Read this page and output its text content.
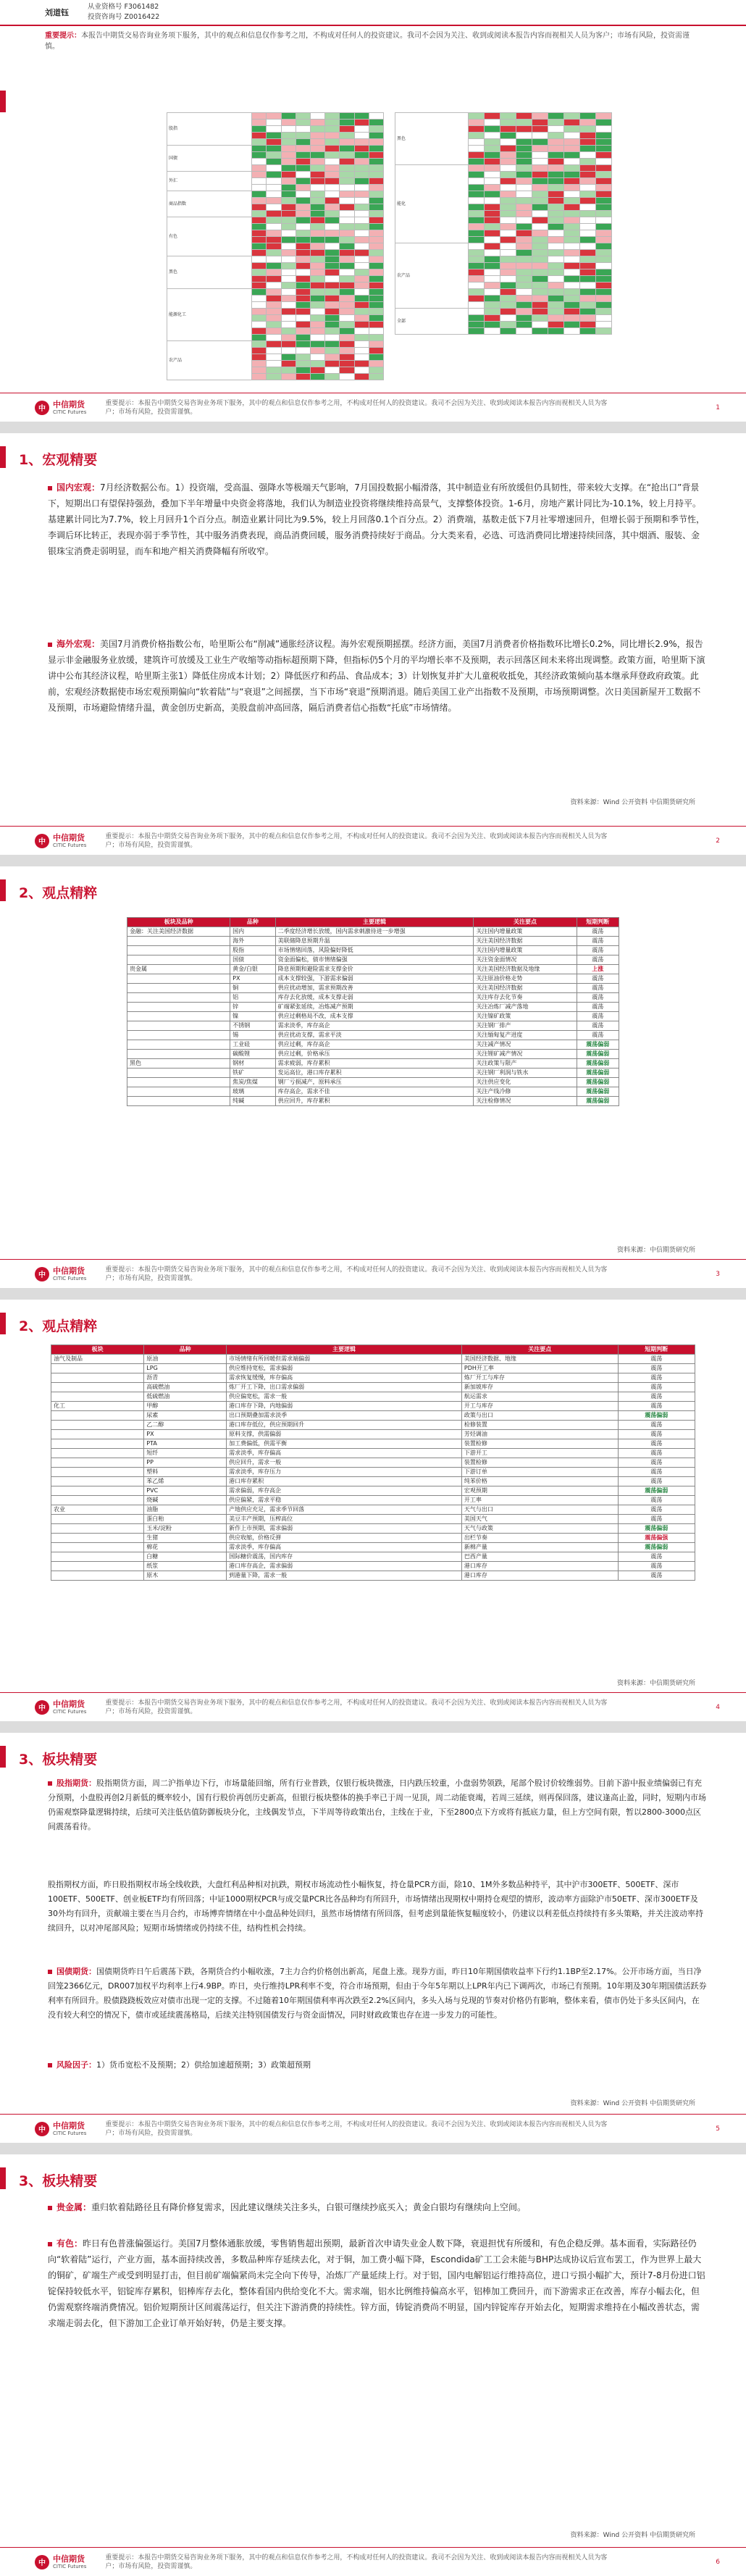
刘道钰
从业资格号 F3061482
投资咨询号 Z0016422
重要提示：本报告中期货交易咨询业务项下服务，其中的观点和信息仅作参考之用，不构成对任何人的投资建议。我司不会因为关注、收到或阅读本报告内容而视相关人员为客户；市场有风险，投资需谨慎。
股指									

国债									

外汇									

商品指数									

有色									

黑色									

能源化工									

农产品									

黑色									

能化									

农产品									

全部									

中 中信期货
CITIC Futures
重要提示：本报告中期货交易咨询业务项下服务，其中的观点和信息仅作参考之用，不构成对任何人的投资建议。我司不会因为关注、收到或阅读本报告内容而视相关人员为客户；市场有风险，投资需谨慎。
1
1、宏观精要
国内宏观：7月经济数据公布。1）投资端，受高温、强降水等极端天气影响，7月国投数据小幅滑落，其中制造业有所放缓但仍具韧性，带来较大支撑。在“抢出口”背景下，短期出口有望保持强劲，叠加下半年增量中央资金将落地，我们认为制造业投资将继续维持高景气，支撑整体投资。1-6月，房地产累计同比为-10.1%，较上月持平。基建累计同比为7.7%，较上月回升1个百分点。制造业累计同比为9.5%，较上月回落0.1个百分点。2）消费端，基数走低下7月社零增速回升，但增长弱于预期和季节性，李调后环比转正，表现亦弱于季节性，其中服务消费表现，商品消费回暖，服务消费持续好于商品。分大类来看，必选、可选消费同比增速持续回落，其中烟酒、服装、金银珠宝消费走弱明显，而车和地产相关消费降幅有所收窄。
海外宏观：美国7月消费价格指数公布，哈里斯公布“削减”通胀经济议程。海外宏观预期摇摆。经济方面，美国7月消费者价格指数环比增长0.2%，同比增长2.9%，报告显示非金融服务业放缓，建筑许可放缓及工业生产收缩等动指标超预期下降，但指标仍5个月的平均增长率不及预期，表示回落区间未来将出现调整。政策方面，哈里斯下演讲中公布其经济议程，哈里斯主张1）降低住房成本计划；2）降低医疗和药品、食品成本；3）计划恢复并扩大儿童税收抵免，其经济政策倾向基本继承拜登政府政策。此前，宏观经济数据使市场宏观预期偏向“软着陆”与“衰退”之间摇摆，当下市场“衰退”预期消退。随后美国工业产出指数不及预期，市场预期调整。次日美国新屋开工数据不及预期，市场避险情绪升温，黄金创历史新高，美股盘前冲高回落，隔后消费者信心指数“托底”市场情绪。
资料来源：Wind 公开资料 中信期货研究所
中 中信期货
CITIC Futures
重要提示：本报告中期货交易咨询业务项下服务，其中的观点和信息仅作参考之用，不构成对任何人的投资建议。我司不会因为关注、收到或阅读本报告内容而视相关人员为客户；市场有风险，投资需谨慎。
2
2、观点精粹
板块及品种	品种	主要逻辑	关注要点	短期判断
金融：关注美国经济数据	国内	二季度经济增长放缓，国内需求刺激待进一步增强	关注国内增量政策	震荡
	海外	美联储降息预期升温	关注美国经济数据	震荡
	股指	市场情绪回落，风险偏好降低	关注国内增量政策	震荡
	国债	资金面偏松，债市情绪偏强	关注资金面情况	震荡
贵金属	黄金/白银	降息预期和避险需求支撑金价	关注美国经济数据及地缘	上涨
	PX	成本支撑较强，下游需求偏弱	关注原油价格走势	震荡
	铜	供应扰动增加，需求预期改善	关注美国经济数据	震荡
	铝	库存去化放缓，成本支撑走弱	关注库存去化节奏	震荡
	锌	矿端紧张延续，冶炼减产预期	关注冶炼厂减产落地	震荡
	镍	供应过剩格局不改，成本支撑	关注镍矿政策	震荡
	不锈钢	需求淡季，库存高企	关注钢厂排产	震荡
	锡	供应扰动支撑，需求平淡	关注缅甸复产进度	震荡
	工业硅	供应过剩，库存高企	关注减产情况	震荡偏弱
	碳酸锂	供应过剩，价格承压	关注锂矿减产情况	震荡偏弱
黑色	钢材	需求疲弱，库存累积	关注政策与限产	震荡偏弱
	铁矿	发运高位，港口库存累积	关注钢厂利润与铁水	震荡偏弱
	焦炭/焦煤	钢厂亏损减产，原料承压	关注供应变化	震荡偏弱
	玻璃	库存高企，需求不佳	关注产线冷修	震荡偏弱
	纯碱	供应回升，库存累积	关注检修情况	震荡偏弱
资料来源：中信期货研究所
中 中信期货
CITIC Futures
重要提示：本报告中期货交易咨询业务项下服务，其中的观点和信息仅作参考之用，不构成对任何人的投资建议。我司不会因为关注、收到或阅读本报告内容而视相关人员为客户；市场有风险，投资需谨慎。
3
2、观点精粹
板块	品种	主要逻辑	关注要点	短期判断
油气及制品	原油	市场情绪有所回暖但需求端偏弱	美国经济数据、地缘	震荡
	LPG	供应维持宽松，需求偏弱	PDH开工率	震荡
	沥青	需求恢复缓慢，库存偏高	炼厂开工与库存	震荡
	高硫燃油	炼厂开工下降，出口需求偏弱	新加坡库存	震荡
	低硫燃油	供应偏宽松，需求一般	航运需求	震荡
化工	甲醇	港口库存下降，内地偏弱	开工与库存	震荡
	尿素	出口预期叠加需求淡季	政策与出口	震荡偏弱
	乙二醇	港口库存低位，供应预期回升	检修装置	震荡
	PX	原料支撑，供需偏弱	芳烃调油	震荡
	PTA	加工费偏低，供需平衡	装置检修	震荡
	短纤	需求淡季，库存偏高	下游开工	震荡
	PP	供应回升，需求一般	装置检修	震荡
	塑料	需求淡季，库存压力	下游订单	震荡
	苯乙烯	港口库存累积	纯苯价格	震荡
	PVC	需求偏弱，库存高企	宏观预期	震荡偏弱
	烧碱	供应偏紧，需求平稳	开工率	震荡
农业	油脂	产地供应充足，需求季节回落	天气与出口	震荡
	蛋白粕	美豆丰产预期，压榨高位	美国天气	震荡
	玉米/淀粉	新作上市预期，需求偏弱	天气与政策	震荡偏弱
	生猪	供应收缩，价格反弹	出栏节奏	震荡偏强
	棉花	需求淡季，库存偏高	新棉产量	震荡偏弱
	白糖	国际糖价震荡，国内库存	巴西产量	震荡
	纸浆	港口库存高企，需求偏弱	港口库存	震荡
	原木	到港量下降，需求一般	港口库存	震荡
资料来源：中信期货研究所
中 中信期货
CITIC Futures
重要提示：本报告中期货交易咨询业务项下服务，其中的观点和信息仅作参考之用，不构成对任何人的投资建议。我司不会因为关注、收到或阅读本报告内容而视相关人员为客户；市场有风险，投资需谨慎。
4
3、板块精要
股指期货：股指期货方面，周二沪指单边下行，市场量能回缩，所有行业普跌，仅银行板块微涨，日内跌压较重，小盘弱势领跌，尾部个股讨价较维弱势。目前下游中报业绩偏弱已有充分预期，小盘股再创2月新低的概率较小，国有行股价再创历史新高，但银行板块整体的换手率已于周一见顶，周二动能衰竭，若周三延续，则再保回落，建议逢高止盈，同时，短期内市场仍需观察降量逻辑持续，后续可关注低估值防御板块分化，主线偶发节点，下半周等待政策出台，主线在于业，下至2800点下方或将有抵底力量，但上方空间有限，暂以2800-3000点区间震荡看待。
股指期权方面，昨日股指期权市场全线收跌，大盘红利品种相对抗跌，期权市场流动性小幅恢复，持仓量PCR方面，除10、1M外多数品种持平，其中沪市300ETF、500ETF、深市100ETF、500ETF、创业板ETF均有所回落；中证1000期权PCR与成交量PCR比各品种均有所回升，市场情绪出现期权中期持仓观望的情形，波动率方面除沪市50ETF、深市300ETF及30外均有回升，贡献端主要在当月合约，市场博弈情绪在中小盘品种处回归，虽然市场情绪有所回落，但考虑到量能恢复幅度较小，仍建议以利差低点持续持有多头策略，并关注波动率持续回升，以对冲尾部风险；短期市场情绪或仍持续不佳，结构性机会持续。
国债期货：国债期货昨日午后震荡下跌，各期货合约小幅收涨，7主力合约价格创出新高，尾盘上涨。现券方面，昨日10年期国债收益率下行约1.1BP至2.17%。公开市场方面，当日净回笼2366亿元，DR007加权平均利率上行4.9BP。昨日，央行维持LPR利率不变，符合市场预期，但由于今年5年期以上LPR年内已下调两次，市场已有预期。10年期及30年期国债活跃券利率有所回升。股债跷跷板效应对债市出现一定的支撑。不过随着10年期国债利率再次跌至2.2%区间内，多头入场与兑现的节奏对价格仍有影响，整体来看，债市仍处于多头区间内，在没有较大利空的情况下，债市或延续震荡格局，后续关注特别国债发行与资金面情况，同时财政政策也存在进一步发力的可能性。
风险因子：1）货币宽松不及预期；2）供给加速超预期；3）政策超预期
资料来源：Wind 公开资料 中信期货研究所
中 中信期货
CITIC Futures
重要提示：本报告中期货交易咨询业务项下服务，其中的观点和信息仅作参考之用，不构成对任何人的投资建议。我司不会因为关注、收到或阅读本报告内容而视相关人员为客户；市场有风险，投资需谨慎。
5
3、板块精要
贵金属：重归软着陆路径且有降价修复需求，因此建议继续关注多头，白银可继续抄底买入；黄金白银均有继续向上空间。
有色：昨日有色普涨偏强运行。美国7月整体通胀放缓，零售销售超出预期，最新首次申请失业金人数下降，衰退担忧有所缓和，有色企稳反弹。基本面看，实际路径仍向“软着陆”运行，产业方面，基本面持续改善，多数品种库存延续去化，对于铜，加工费小幅下降，Escondida矿工工会未能与BHP达成协议后宣布罢工，作为世界上最大的铜矿，矿端生产或受到明显打击，但目前矿端偏紧尚未完全向下传导，冶炼厂产量延续上行。对于铝，国内电解铝运行维持高位，进口亏损小幅扩大，预计7-8月份进口铝锭保持较低水平，铝锭库存累积，铝棒库存去化，整体看国内供给变化不大。需求端，铝水比例维持偏高水平，铝棒加工费回升，而下游需求正在改善，库存小幅去化，但仍需观察终端消费情况。铝价短期预计区间震荡运行，但关注下游消费的持续性。锌方面，铸锭消费尚不明显，国内锌锭库存开始去化，短期需求维持在小幅改善状态，需求端走弱去化，但下游加工企业订单开始好转，仍是主要支撑。
资料来源：Wind 公开资料 中信期货研究所
中 中信期货
CITIC Futures
重要提示：本报告中期货交易咨询业务项下服务，其中的观点和信息仅作参考之用，不构成对任何人的投资建议。我司不会因为关注、收到或阅读本报告内容而视相关人员为客户；市场有风险，投资需谨慎。
6
